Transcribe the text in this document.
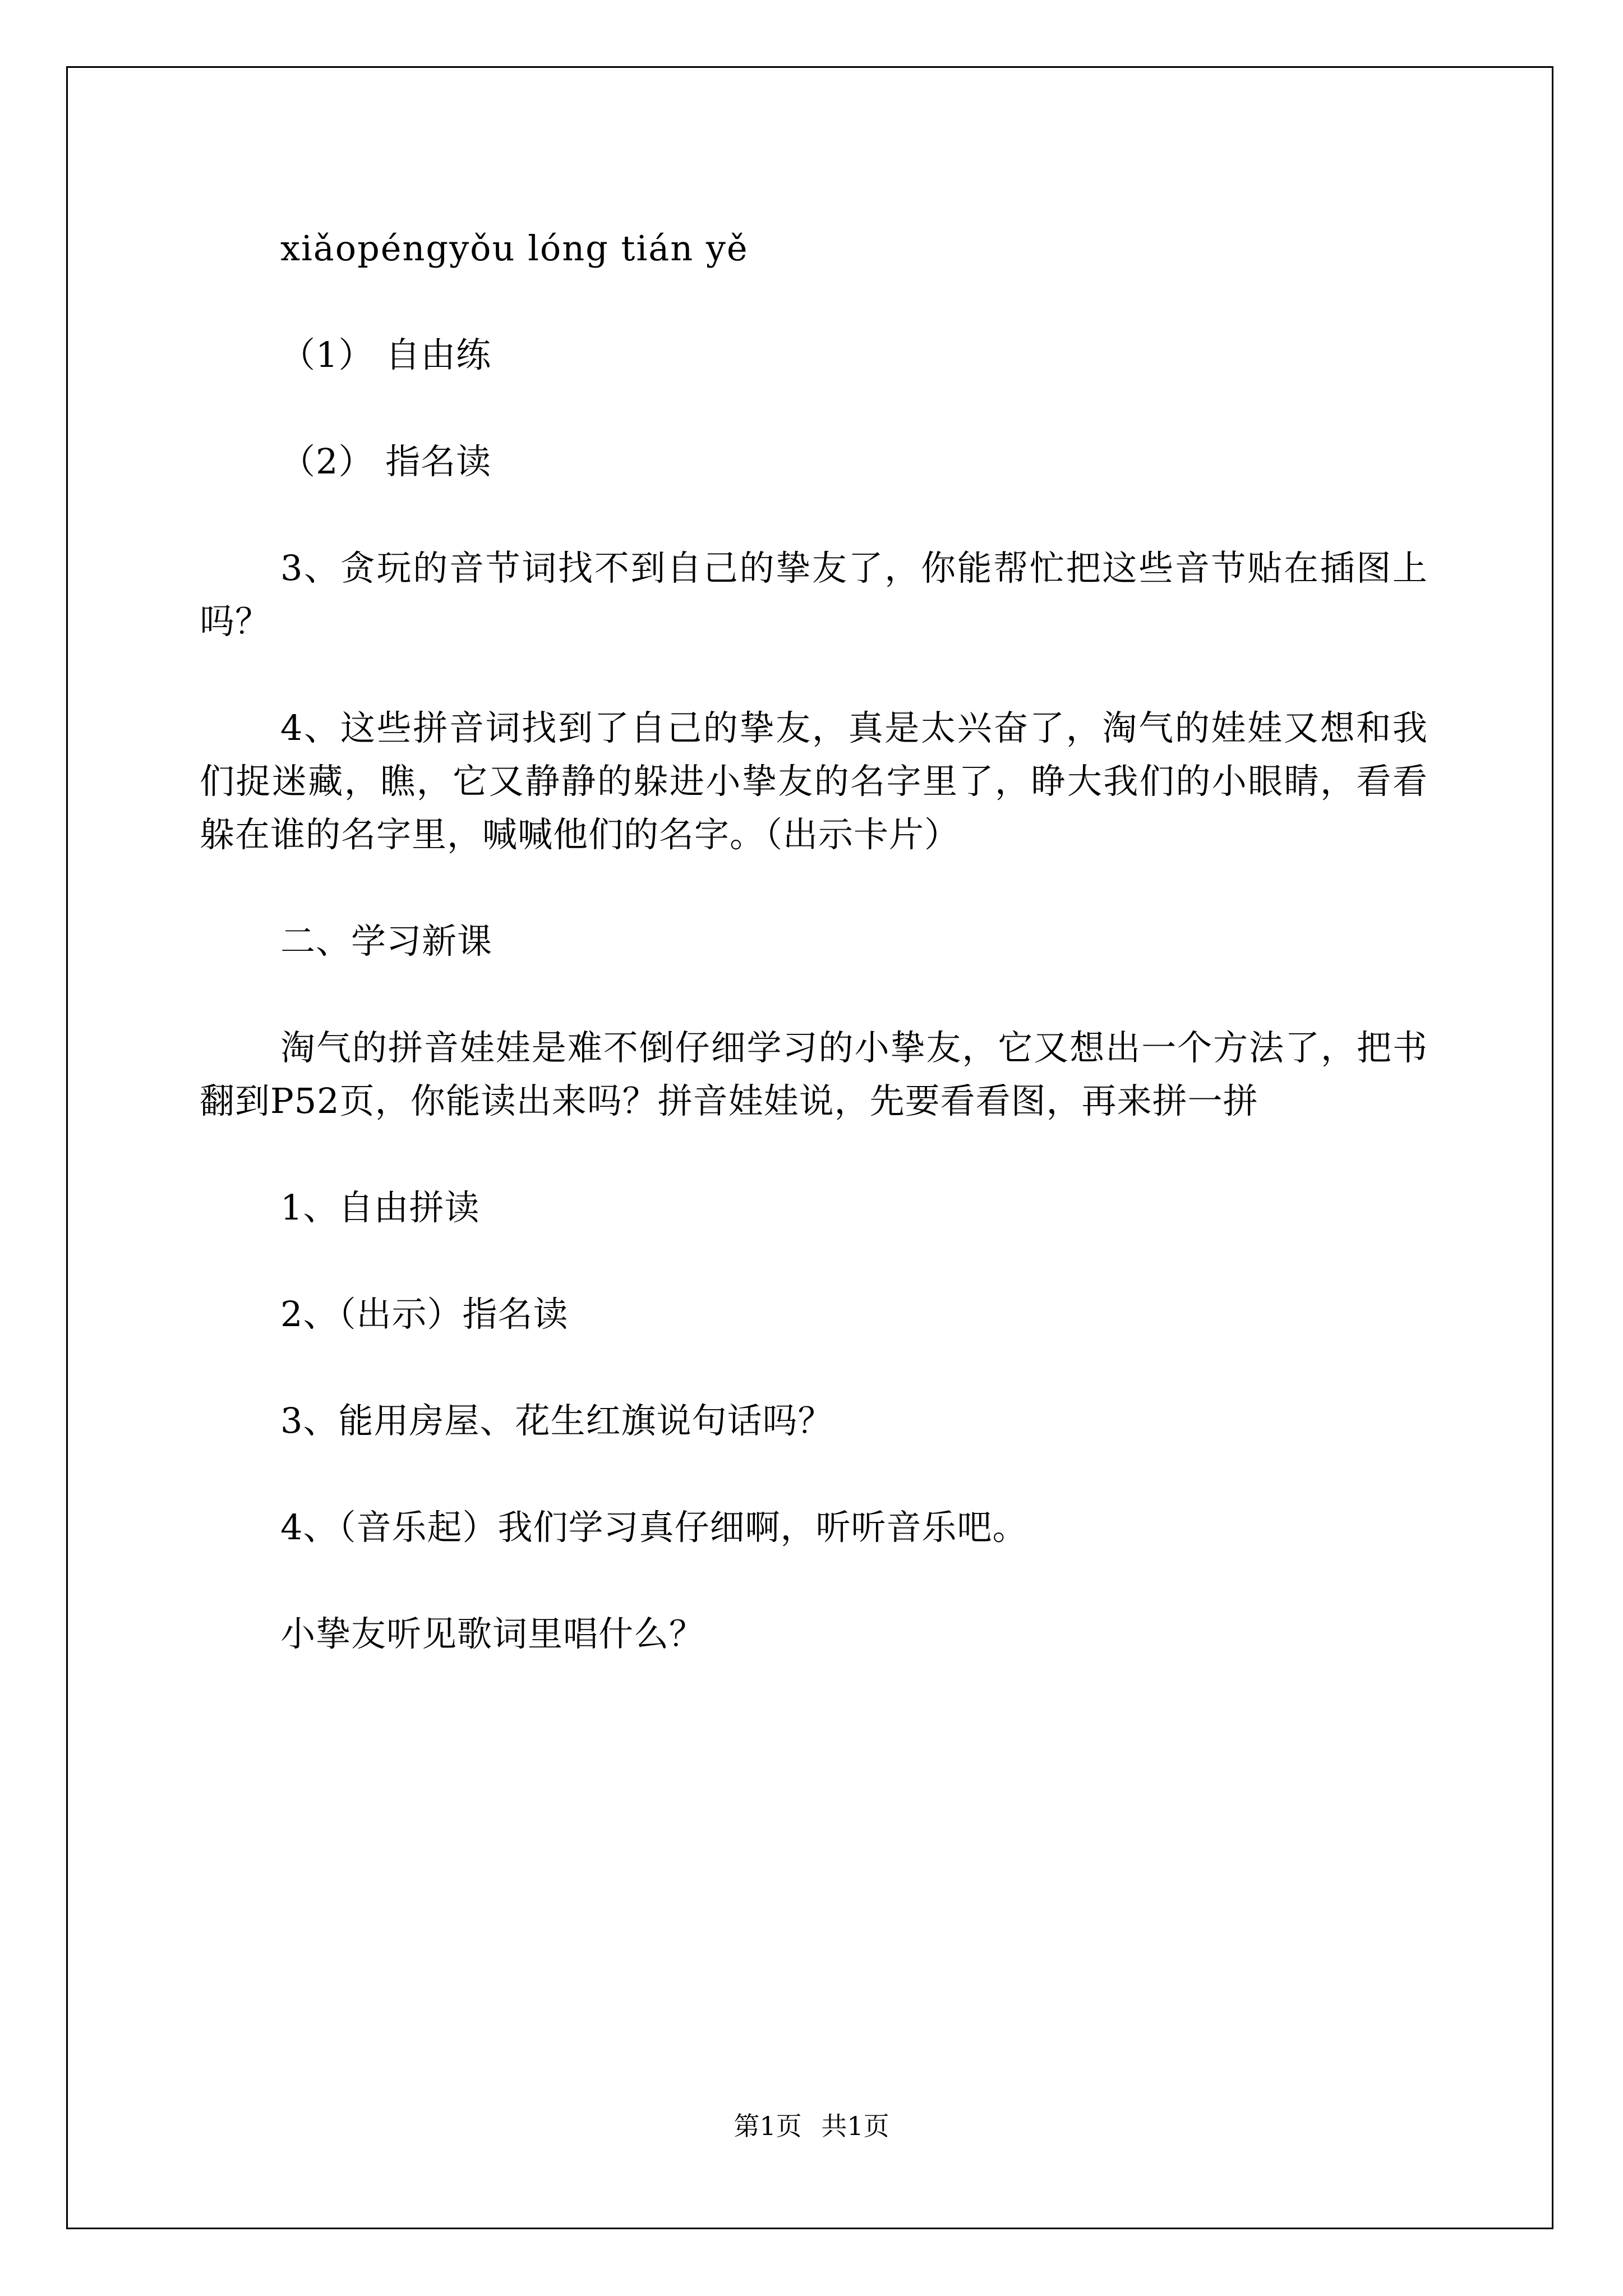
xiǎopéngyǒu lóng tián yě

（1） 自由练

（2） 指名读

3、贪玩的音节词找不到自己的挚友了，你能帮忙把这些音节贴在插图上吗？

4、这些拼音词找到了自己的挚友，真是太兴奋了，淘气的娃娃又想和我们捉迷藏，瞧，它又静静的躲进小挚友的名字里了，睁大我们的小眼睛，看看躲在谁的名字里，喊喊他们的名字。（出示卡片）

二、学习新课

淘气的拼音娃娃是难不倒仔细学习的小挚友，它又想出一个方法了，把书翻到P52页，你能读出来吗？拼音娃娃说，先要看看图，再来拼一拼

1、自由拼读

2、（出示）指名读

3、能用房屋、花生红旗说句话吗？

4、（音乐起）我们学习真仔细啊，听听音乐吧。

小挚友听见歌词里唱什么？

第1页 共1页
